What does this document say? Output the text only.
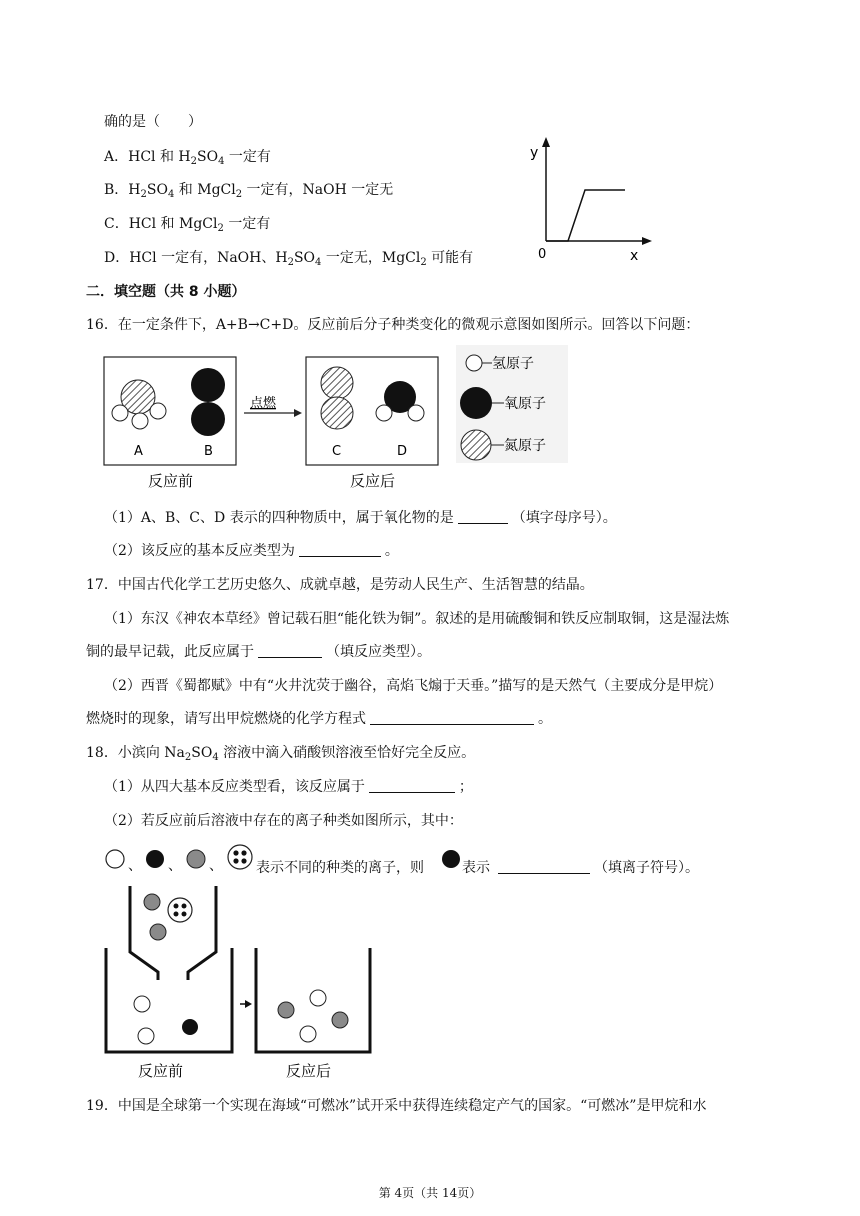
确的是（　　）
A．HCl 和 $H_2SO_4$ 一定有
B．$H_2SO_4$ 和 MgCl$_2$ 一定有，NaOH 一定无
C．HCl 和 MgCl$_2$ 一定有
D．HCl 一定有，NaOH、$H_2SO_4$ 一定无，MgCl$_2$ 可能有
y
x
0
二．填空题（共 8 小题）
16．在一定条件下，A+B→C+D。反应前后分子种类变化的微观示意图如图所示。回答以下问题：
A	B
反应前
点燃
C	D
反应后
氢原子
氧原子
氮原子
（1）A、B、C、D 表示的四种物质中，属于氧化物的是	（填字母序号）。
（2）该反应的基本反应类型为	。
17．中国古代化学工艺历史悠久、成就卓越，是劳动人民生产、生活智慧的结晶。
（1）东汉《神农本草经》曾记载石胆“能化铁为铜”。叙述的是用硫酸铜和铁反应制取铜，这是湿法炼
铜的最早记载，此反应属于	（填反应类型）。
（2）西晋《蜀都赋》中有“火井沈荧于幽谷，高焰飞煽于天垂。”描写的是天然气（主要成分是甲烷）
燃烧时的现象，请写出甲烷燃烧的化学方程式	。
18．小滨向 $Na_2SO_4$ 溶液中滴入硝酸钡溶液至恰好完全反应。
（1）从四大基本反应类型看，该反应属于	；
（2）若反应前后溶液中存在的离子种类如图所示，其中：
、 、 、 表示不同的种类的离子，则	表示	（填离子符号）。
反应前	反应后
19．中国是全球第一个实现在海域“可燃冰”试开采中获得连续稳定产气的国家。“可燃冰”是甲烷和水
第 4页（共 14页）
